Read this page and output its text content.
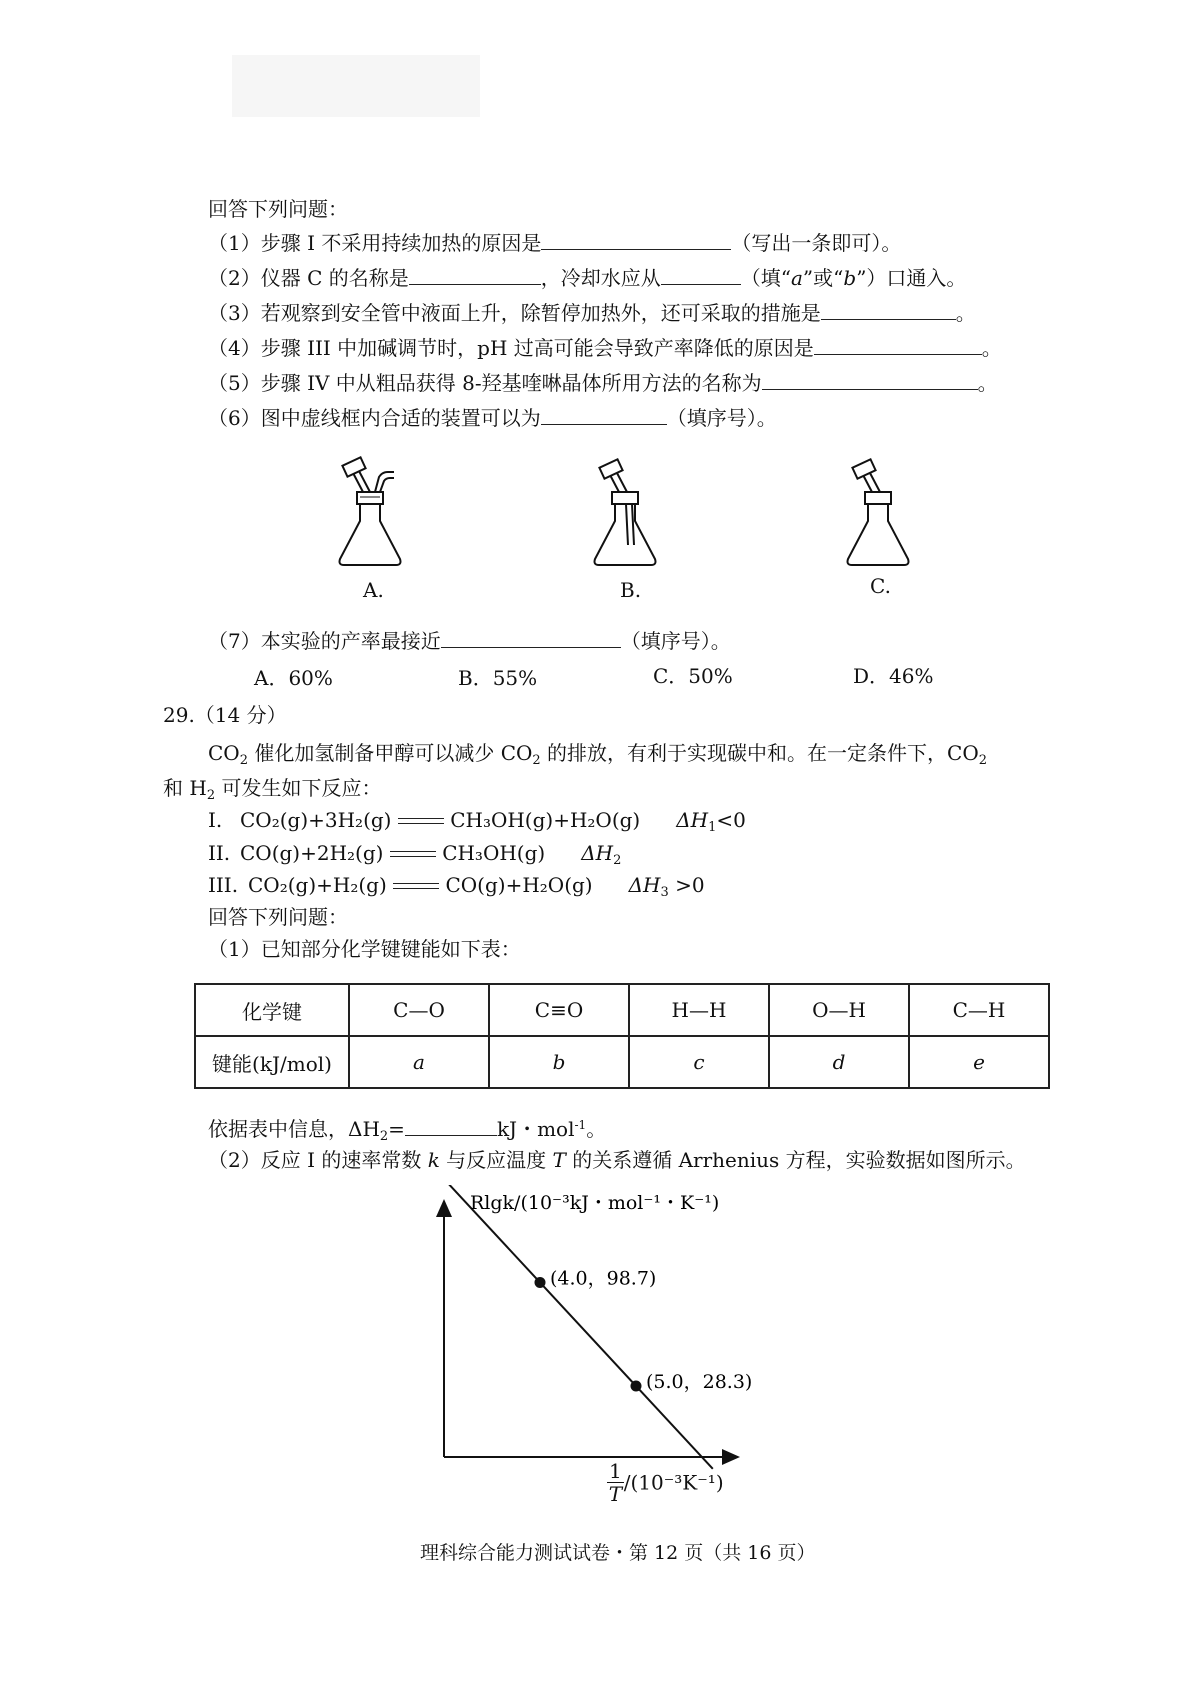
回答下列问题：
（1）步骤 I 不采用持续加热的原因是	（写出一条即可）。
（2）仪器 C 的名称是	，冷却水应从	（填“a”或“b”）口通入。
（3）若观察到安全管中液面上升，除暂停加热外，还可采取的措施是	。
（4）步骤 III 中加碱调节时，pH 过高可能会导致产率降低的原因是	。
（5）步骤 IV 中从粗品获得 8-羟基喹啉晶体所用方法的名称为	。
（6）图中虚线框内合适的装置可以为	（填序号）。
A.	B.	C.
（7）本实验的产率最接近	（填序号）。
A．60%	B．55%	C．50%	D．46%
29.（14 分）
$CO_2$ 催化加氢制备甲醇可以减少 $CO_2$ 的排放，有利于实现碳中和。在一定条件下，$CO_2$
和 $H_2$ 可发生如下反应：
I. CO₂(g)+3H₂(g)	CH₃OH(g)+H₂O(g) $\Delta H_1<0$
II. CO(g)+2H₂(g)	CH₃OH(g) $\Delta H_2$
III. CO₂(g)+H₂(g)	CO(g)+H₂O(g) $\Delta H_3 >0$
回答下列问题：
（1）已知部分化学键键能如下表：
化学键	C—O	C≡O	H—H	O—H	C—H
键能(kJ/mol)	a	b	c	d	e
依据表中信息，$\Delta H_2=$	kJ・mol$^{-1}$。
（2）反应 I 的速率常数 k 与反应温度 T 的关系遵循 Arrhenius 方程，实验数据如图所示。
(4.0，98.7)
(5.0，28.3)
Rlgk/(10⁻³kJ・mol⁻¹・K⁻¹)
$\frac{1}{T} /(10^{-3}K^{-1})$
理科综合能力测试试卷・第 12 页（共 16 页）
